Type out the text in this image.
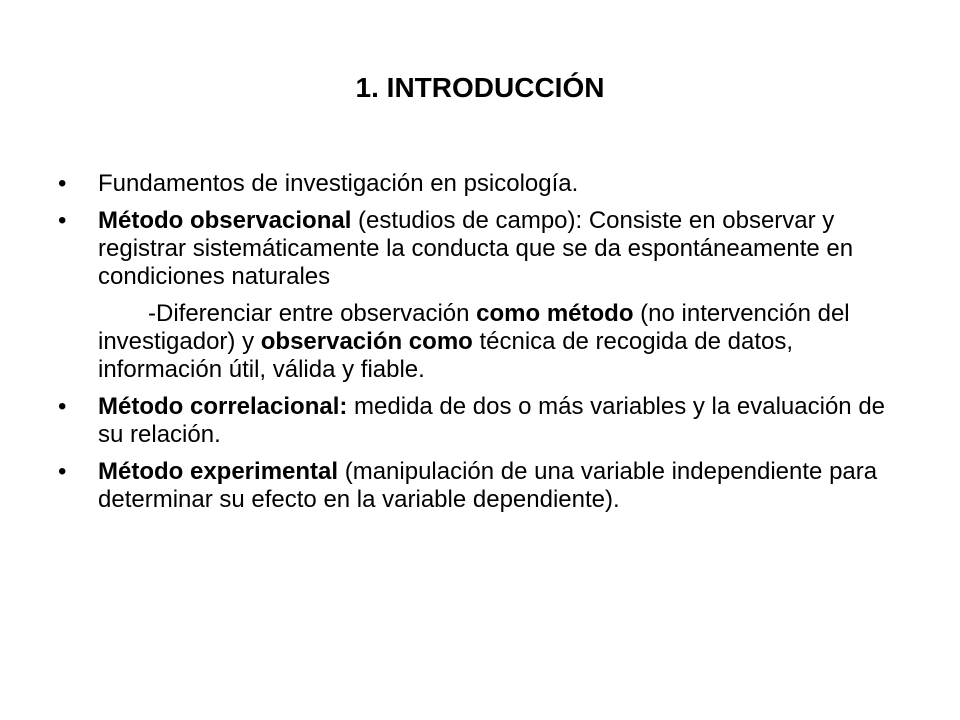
1. INTRODUCCIÓN
• Fundamentos de investigación en psicología.
• Método observacional (estudios de campo): Consiste en observar y registrar sistemáticamente la conducta que se da espontáneamente en condiciones naturales
-Diferenciar entre observación como método (no intervención del investigador) y observación como técnica de recogida de datos, información útil, válida y fiable.
• Método correlacional: medida de dos o más variables y la evaluación de su relación.
• Método experimental (manipulación de una variable independiente para determinar su efecto en la variable dependiente).
